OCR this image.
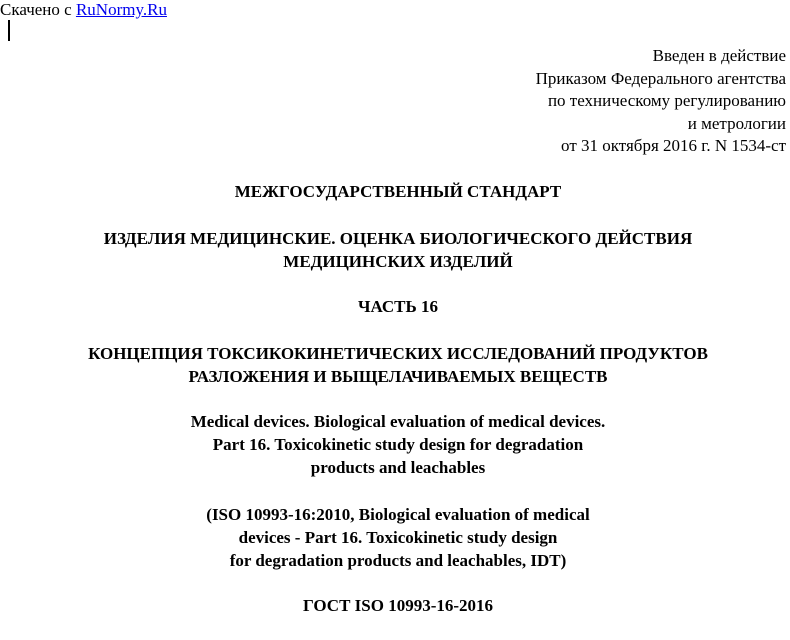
Скачено с RuNormy.Ru
Введен в действие
Приказом Федерального агентства
по техническому регулированию
и метрологии
от 31 октября 2016 г. N 1534-ст
МЕЖГОСУДАРСТВЕННЫЙ СТАНДАРТ
ИЗДЕЛИЯ МЕДИЦИНСКИЕ. ОЦЕНКА БИОЛОГИЧЕСКОГО ДЕЙСТВИЯ
МЕДИЦИНСКИХ ИЗДЕЛИЙ
ЧАСТЬ 16
КОНЦЕПЦИЯ ТОКСИКОКИНЕТИЧЕСКИХ ИССЛЕДОВАНИЙ ПРОДУКТОВ
РАЗЛОЖЕНИЯ И ВЫЩЕЛАЧИВАЕМЫХ ВЕЩЕСТВ
Medical devices. Biological evaluation of medical devices.
Part 16. Toxicokinetic study design for degradation
products and leachables
(ISO 10993-16:2010, Biological evaluation of medical
devices - Part 16. Toxicokinetic study design
for degradation products and leachables, IDT)
ГОСТ ISO 10993-16-2016
